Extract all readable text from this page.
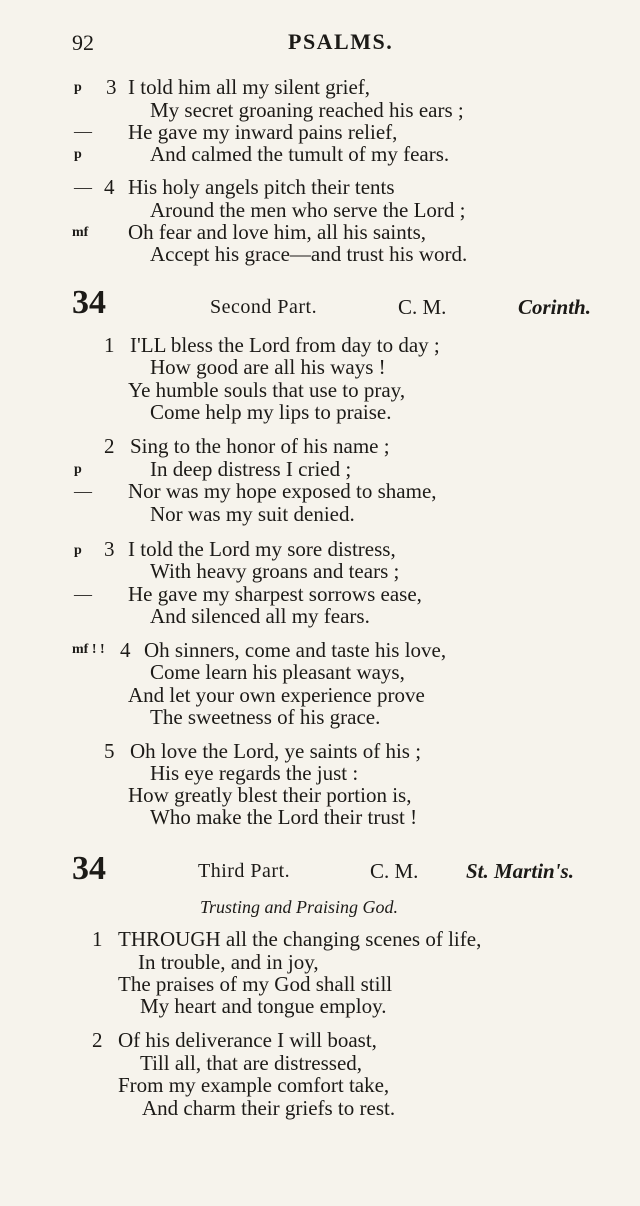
92	PSALMS.
p 3 I told him all my silent grief,
My secret groaning reached his ears ;
— He gave my inward pains relief,
p	And calmed the tumult of my fears.
— 4 His holy angels pitch their tents
Around the men who serve the Lord ;
mf Oh fear and love him, all his saints,
Accept his grace—and trust his word.
34	Second Part.	C. M.	Corinth.
1 I'LL bless the Lord from day to day ;
How good are all his ways !
Ye humble souls that use to pray,
Come help my lips to praise.
2 Sing to the honor of his name ;
p	In deep distress I cried ;
— Nor was my hope exposed to shame,
Nor was my suit denied.
p 3 I told the Lord my sore distress,
With heavy groans and tears ;
— He gave my sharpest sorrows ease,
And silenced all my fears.
mf ! ! 4 Oh sinners, come and taste his love,
Come learn his pleasant ways,
And let your own experience prove
The sweetness of his grace.
5 Oh love the Lord, ye saints of his ;
His eye regards the just :
How greatly blest their portion is,
Who make the Lord their trust !
34	Third Part.	C. M. St. Martin's.
Trusting and Praising God.
1 THROUGH all the changing scenes of life,
In trouble, and in joy,
The praises of my God shall still
My heart and tongue employ.
2 Of his deliverance I will boast,
Till all, that are distressed,
From my example comfort take,
And charm their griefs to rest.
